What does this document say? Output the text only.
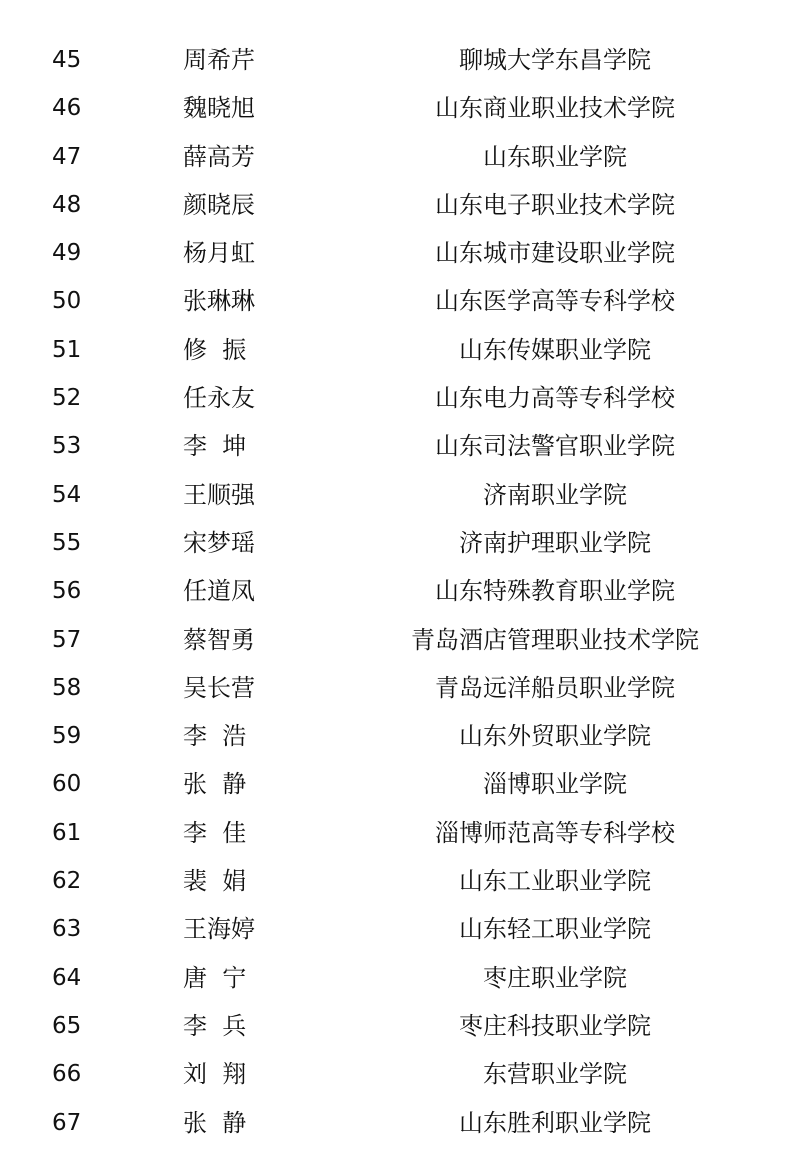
45	周希芹	聊城大学东昌学院
46	魏晓旭	山东商业职业技术学院
47	薛高芳	山东职业学院
48	颜晓辰	山东电子职业技术学院
49	杨月虹	山东城市建设职业学院
50	张琳琳	山东医学高等专科学校
51	修  振	山东传媒职业学院
52	任永友	山东电力高等专科学校
53	李  坤	山东司法警官职业学院
54	王顺强	济南职业学院
55	宋梦瑶	济南护理职业学院
56	任道凤	山东特殊教育职业学院
57	蔡智勇	青岛酒店管理职业技术学院
58	吴长营	青岛远洋船员职业学院
59	李  浩	山东外贸职业学院
60	张  静	淄博职业学院
61	李  佳	淄博师范高等专科学校
62	裴  娟	山东工业职业学院
63	王海婷	山东轻工职业学院
64	唐  宁	枣庄职业学院
65	李  兵	枣庄科技职业学院
66	刘  翔	东营职业学院
67	张  静	山东胜利职业学院
